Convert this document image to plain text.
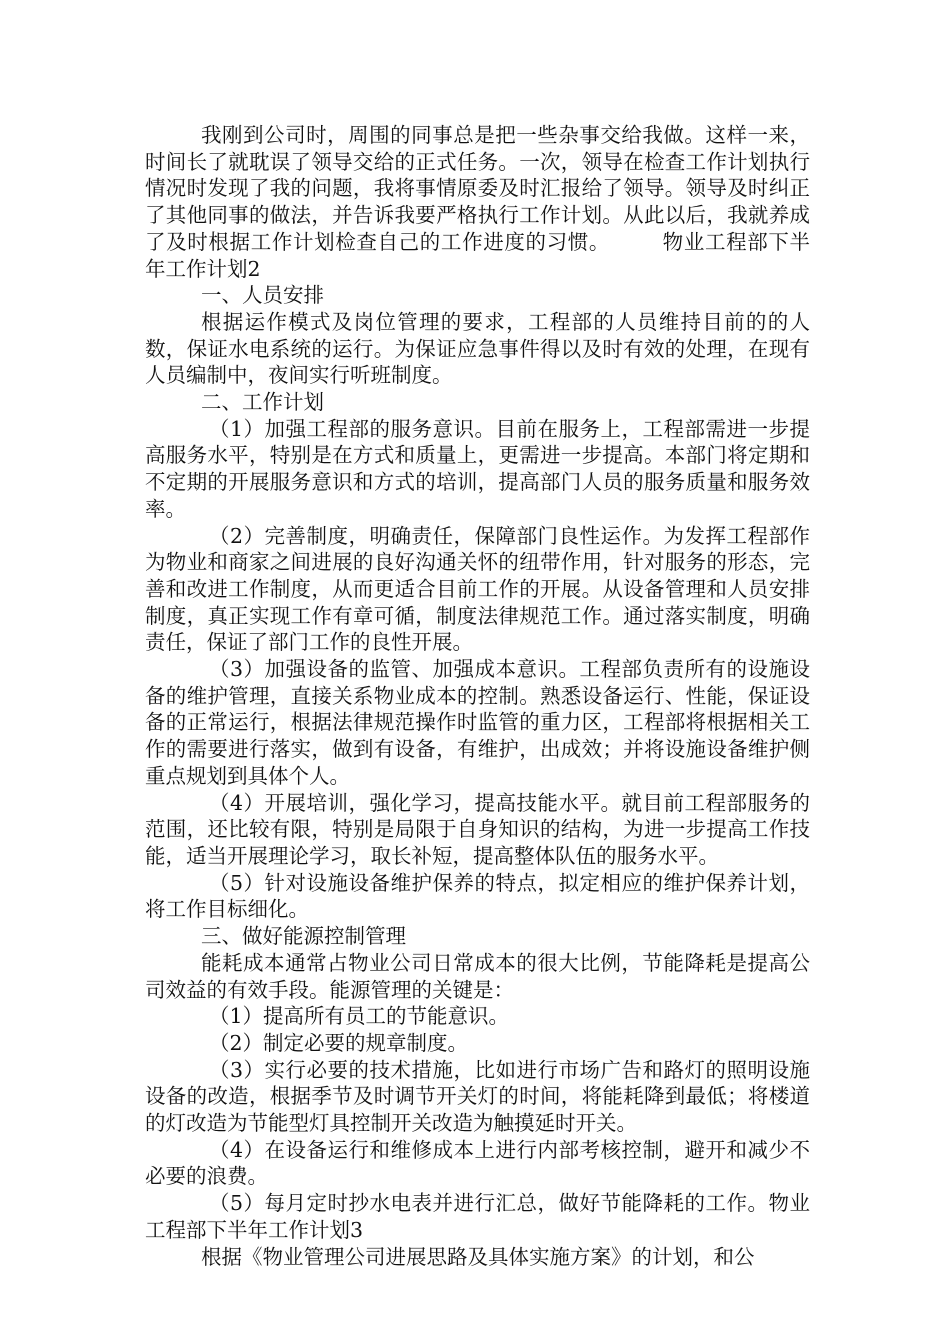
我刚到公司时，周围的同事总是把一些杂事交给我做。这样一来，时间长了就耽误了领导交给的正式任务。一次，领导在检查工作计划执行情况时发现了我的问题，我将事情原委及时汇报给了领导。领导及时纠正了其他同事的做法，并告诉我要严格执行工作计划。从此以后，我就养成了及时根据工作计划检查自己的工作进度的习惯。	物业工程部下半年工作计划2

一、人员安排

根据运作模式及岗位管理的要求，工程部的人员维持目前的的人数，保证水电系统的运行。为保证应急事件得以及时有效的处理，在现有人员编制中，夜间实行听班制度。

二、工作计划

（1）加强工程部的服务意识。目前在服务上，工程部需进一步提高服务水平，特别是在方式和质量上，更需进一步提高。本部门将定期和不定期的开展服务意识和方式的培训，提高部门人员的服务质量和服务效率。

（2）完善制度，明确责任，保障部门良性运作。为发挥工程部作为物业和商家之间进展的良好沟通关怀的纽带作用，针对服务的形态，完善和改进工作制度，从而更适合目前工作的开展。从设备管理和人员安排制度，真正实现工作有章可循，制度法律规范工作。通过落实制度，明确责任，保证了部门工作的良性开展。

（3）加强设备的监管、加强成本意识。工程部负责所有的设施设备的维护管理，直接关系物业成本的控制。熟悉设备运行、性能，保证设备的正常运行，根据法律规范操作时监管的重力区，工程部将根据相关工作的需要进行落实，做到有设备，有维护，出成效；并将设施设备维护侧重点规划到具体个人。

（4）开展培训，强化学习，提高技能水平。就目前工程部服务的范围，还比较有限，特别是局限于自身知识的结构，为进一步提高工作技能，适当开展理论学习，取长补短，提高整体队伍的服务水平。

（5）针对设施设备维护保养的特点，拟定相应的维护保养计划，将工作目标细化。

三、做好能源控制管理

能耗成本通常占物业公司日常成本的很大比例，节能降耗是提高公司效益的有效手段。能源管理的关键是：

（1）提高所有员工的节能意识。

（2）制定必要的规章制度。

（3）实行必要的技术措施，比如进行市场广告和路灯的照明设施设备的改造，根据季节及时调节开关灯的时间，将能耗降到最低；将楼道的灯改造为节能型灯具控制开关改造为触摸延时开关。

（4）在设备运行和维修成本上进行内部考核控制，避开和减少不必要的浪费。

（5）每月定时抄水电表并进行汇总，做好节能降耗的工作。物业工程部下半年工作计划3

根据《物业管理公司进展思路及具体实施方案》的计划，和公
